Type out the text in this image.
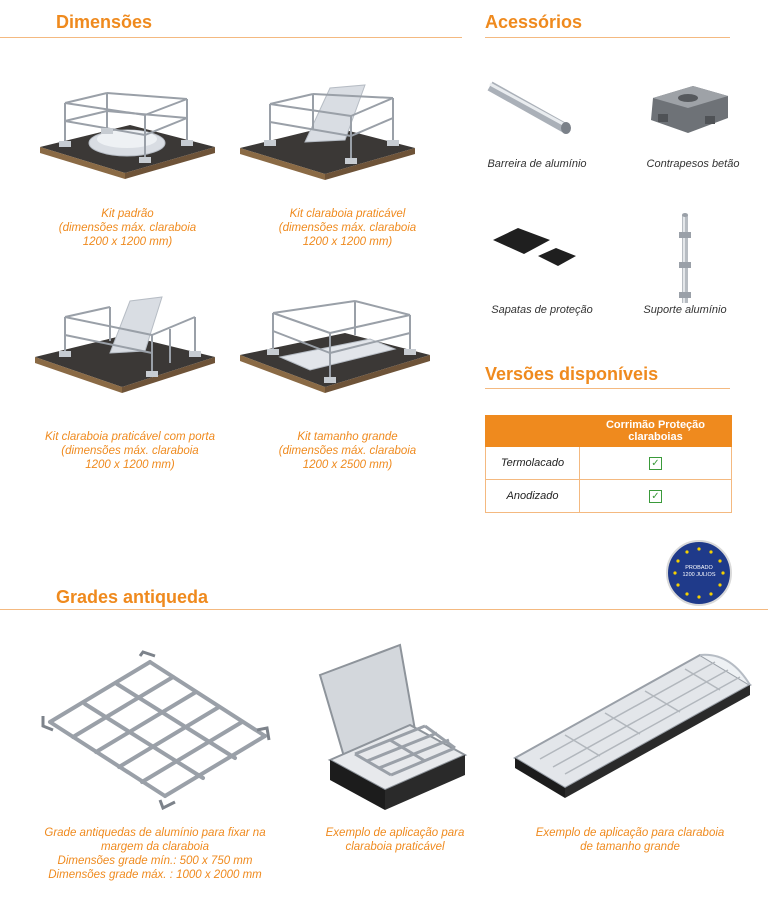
Dimensões	Acessórios
Versões disponíveis
Grades antiqueda
Kit padrão
(dimensões máx. claraboia
1200 x 1200 mm)
Kit claraboia praticável
(dimensões máx. claraboia
1200 x 1200 mm)
Kit claraboia praticável com porta
(dimensões máx. claraboia
1200 x 1200 mm)
Kit tamanho grande
(dimensões máx. claraboia
1200 x 2500 mm)
Barreira de alumínio	Contrapesos betão
Sapatas de proteção	Suporte alumínio
	Corrimão Proteção claraboias
Termolacado	✓
Anodizado	✓
PROBADO
1200 JULIOS
Grade antiquedas de alumínio para fixar na
margem da claraboia
Dimensões grade mín.: 500 x 750 mm
Dimensões grade máx. : 1000 x 2000 mm
Exemplo de aplicação para
claraboia praticável
Exemplo de aplicação para claraboia
de tamanho grande
